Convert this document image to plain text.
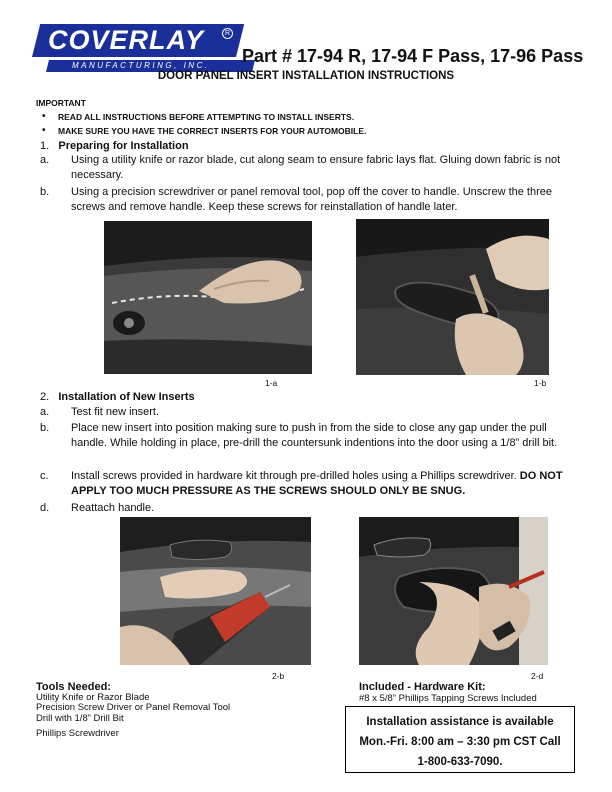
COVERLAY	R
MANUFACTURING, INC. Part # 17-94 R, 17-94 F Pass, 17-96 Pass
DOOR PANEL INSERT INSTALLATION INSTRUCTIONS
IMPORTANT
• READ ALL INSTRUCTIONS BEFORE ATTEMPTING TO INSTALL INSERTS.
• MAKE SURE YOU HAVE THE CORRECT INSERTS FOR YOUR AUTOMOBILE.
1. Preparing for Installation
a. Using a utility knife or razor blade, cut along seam to ensure fabric lays flat. Gluing down fabric is not necessary.
b. Using a precision screwdriver or panel removal tool, pop off the cover to handle. Unscrew the three screws and remove handle. Keep these screws for reinstallation of handle later.
1-a	1-b
2. Installation of New Inserts
a. Test fit new insert.
b. Place new insert into position making sure to push in from the side to close any gap under the pull handle. While holding in place, pre-drill the countersunk indentions into the door using a 1/8” drill bit.
c. Install screws provided in hardware kit through pre-drilled holes using a Phillips screwdriver. DO NOT APPLY TOO MUCH PRESSURE AS THE SCREWS SHOULD ONLY BE SNUG.
d. Reattach handle.
2-b	2-d
Tools Needed:
Utility Knife or Razor Blade
Precision Screw Driver or Panel Removal Tool
Drill with 1/8” Drill Bit
Phillips Screwdriver
Included - Hardware Kit:
#8 x 5/8” Phillips Tapping Screws Included
Installation assistance is available
Mon.-Fri. 8:00 am – 3:30 pm CST Call
1-800-633-7090.
